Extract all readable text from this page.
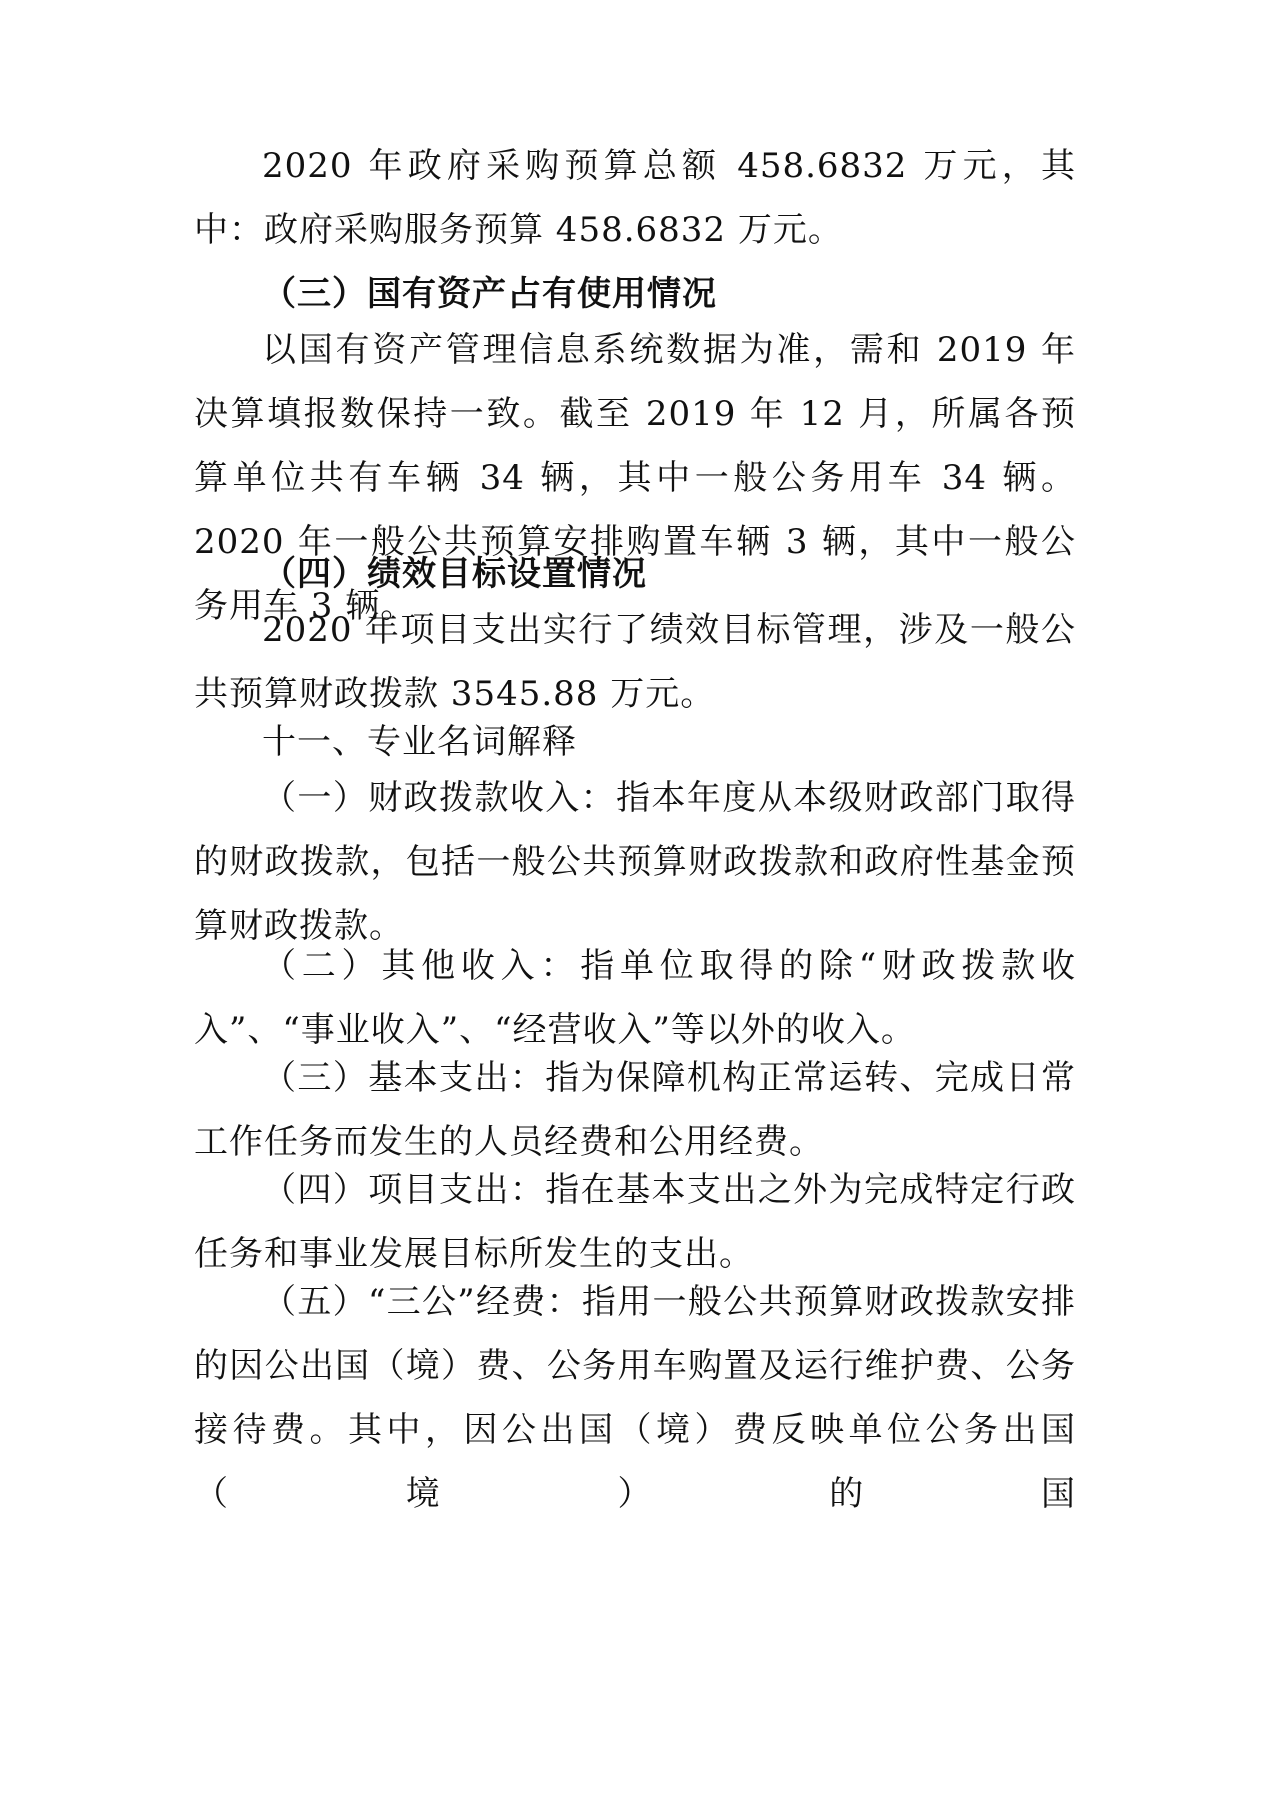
2020 年政府采购预算总额 458.6832 万元，其中：政府采购服务预算 458.6832 万元。

（三）国有资产占有使用情况

以国有资产管理信息系统数据为准，需和 2019 年决算填报数保持一致。截至 2019 年 12 月，所属各预算单位共有车辆 34 辆，其中一般公务用车 34 辆。2020 年一般公共预算安排购置车辆 3 辆，其中一般公务用车 3 辆。

（四）绩效目标设置情况

2020 年项目支出实行了绩效目标管理，涉及一般公共预算财政拨款 3545.88 万元。

十一、专业名词解释

（一）财政拨款收入：指本年度从本级财政部门取得的财政拨款，包括一般公共预算财政拨款和政府性基金预算财政拨款。

（二）其他收入：指单位取得的除“财政拨款收入”、“事业收入”、“经营收入”等以外的收入。

（三）基本支出：指为保障机构正常运转、完成日常工作任务而发生的人员经费和公用经费。

（四）项目支出：指在基本支出之外为完成特定行政任务和事业发展目标所发生的支出。

（五）“三公”经费：指用一般公共预算财政拨款安排的因公出国（境）费、公务用车购置及运行维护费、公务接待费。其中，因公出国（境）费反映单位公务出国（境）的国
